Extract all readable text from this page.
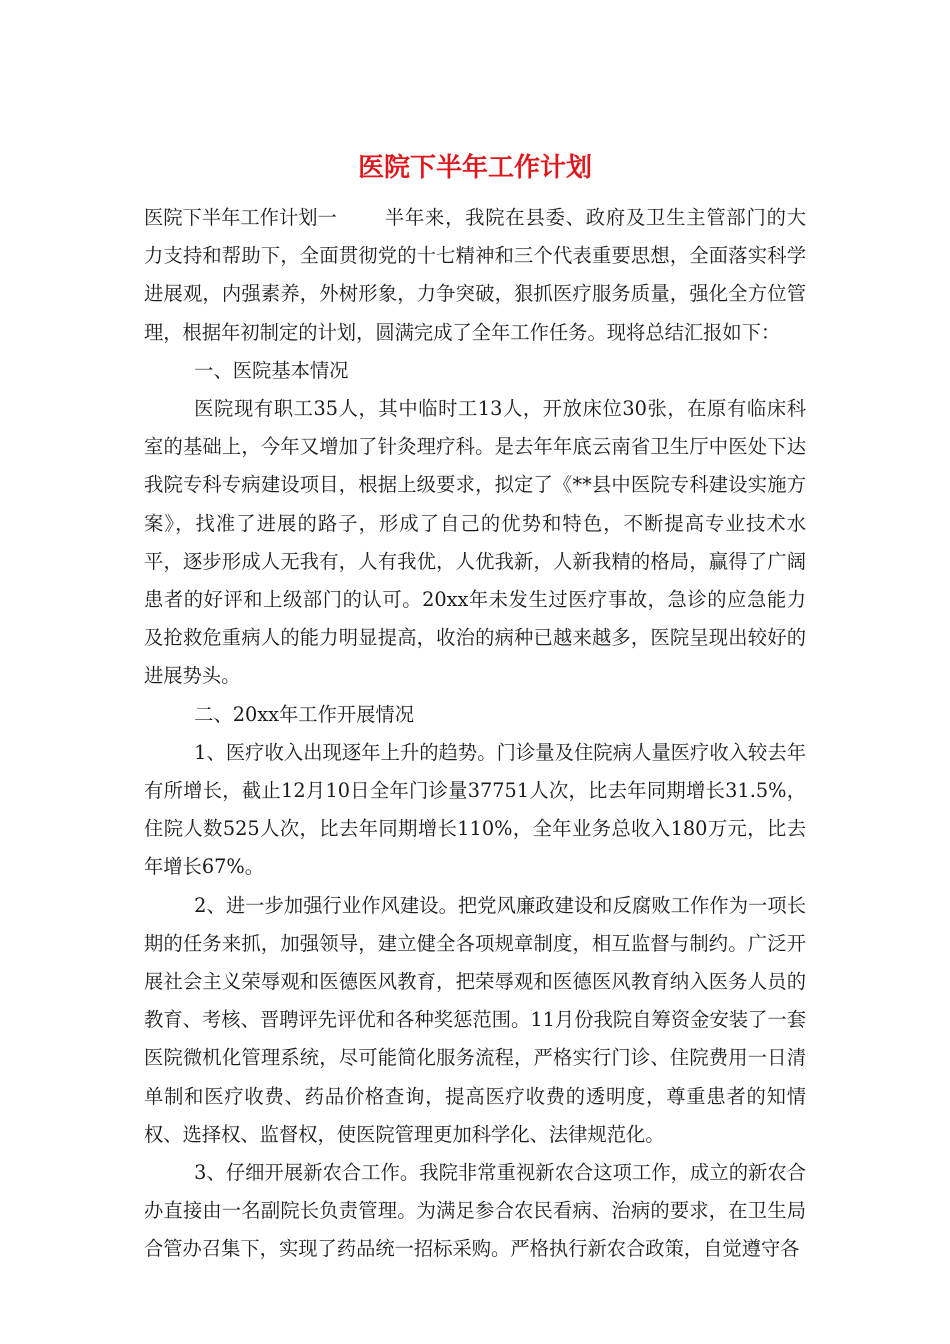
医院下半年工作计划

医院下半年工作计划一 半年来，我院在县委、政府及卫生主管部门的大力支持和帮助下，全面贯彻党的十七精神和三个代表重要思想，全面落实科学进展观，内强素养，外树形象，力争突破，狠抓医疗服务质量，强化全方位管理，根据年初制定的计划，圆满完成了全年工作任务。现将总结汇报如下：

一、医院基本情况

医院现有职工35人，其中临时工13人，开放床位30张，在原有临床科室的基础上，今年又增加了针灸理疗科。是去年年底云南省卫生厅中医处下达我院专科专病建设项目，根据上级要求，拟定了《**县中医院专科建设实施方案》，找准了进展的路子，形成了自己的优势和特色，不断提高专业技术水平，逐步形成人无我有，人有我优，人优我新，人新我精的格局，赢得了广阔患者的好评和上级部门的认可。20xx年未发生过医疗事故，急诊的应急能力及抢救危重病人的能力明显提高，收治的病种已越来越多，医院呈现出较好的进展势头。

二、20xx年工作开展情况

1、医疗收入出现逐年上升的趋势。门诊量及住院病人量医疗收入较去年有所增长，截止12月10日全年门诊量37751人次，比去年同期增长31.5%，住院人数525人次，比去年同期增长110%，全年业务总收入180万元，比去年增长67%。

2、进一步加强行业作风建设。把党风廉政建设和反腐败工作作为一项长期的任务来抓，加强领导，建立健全各项规章制度，相互监督与制约。广泛开展社会主义荣辱观和医德医风教育，把荣辱观和医德医风教育纳入医务人员的教育、考核、晋聘评先评优和各种奖惩范围。11月份我院自筹资金安装了一套医院微机化管理系统，尽可能简化服务流程，严格实行门诊、住院费用一日清单制和医疗收费、药品价格查询，提高医疗收费的透明度，尊重患者的知情权、选择权、监督权，使医院管理更加科学化、法律规范化。

3、仔细开展新农合工作。我院非常重视新农合这项工作，成立的新农合办直接由一名副院长负责管理。为满足参合农民看病、治病的要求，在卫生局合管办召集下，实现了药品统一招标采购。严格执行新农合政策，自觉遵守各
